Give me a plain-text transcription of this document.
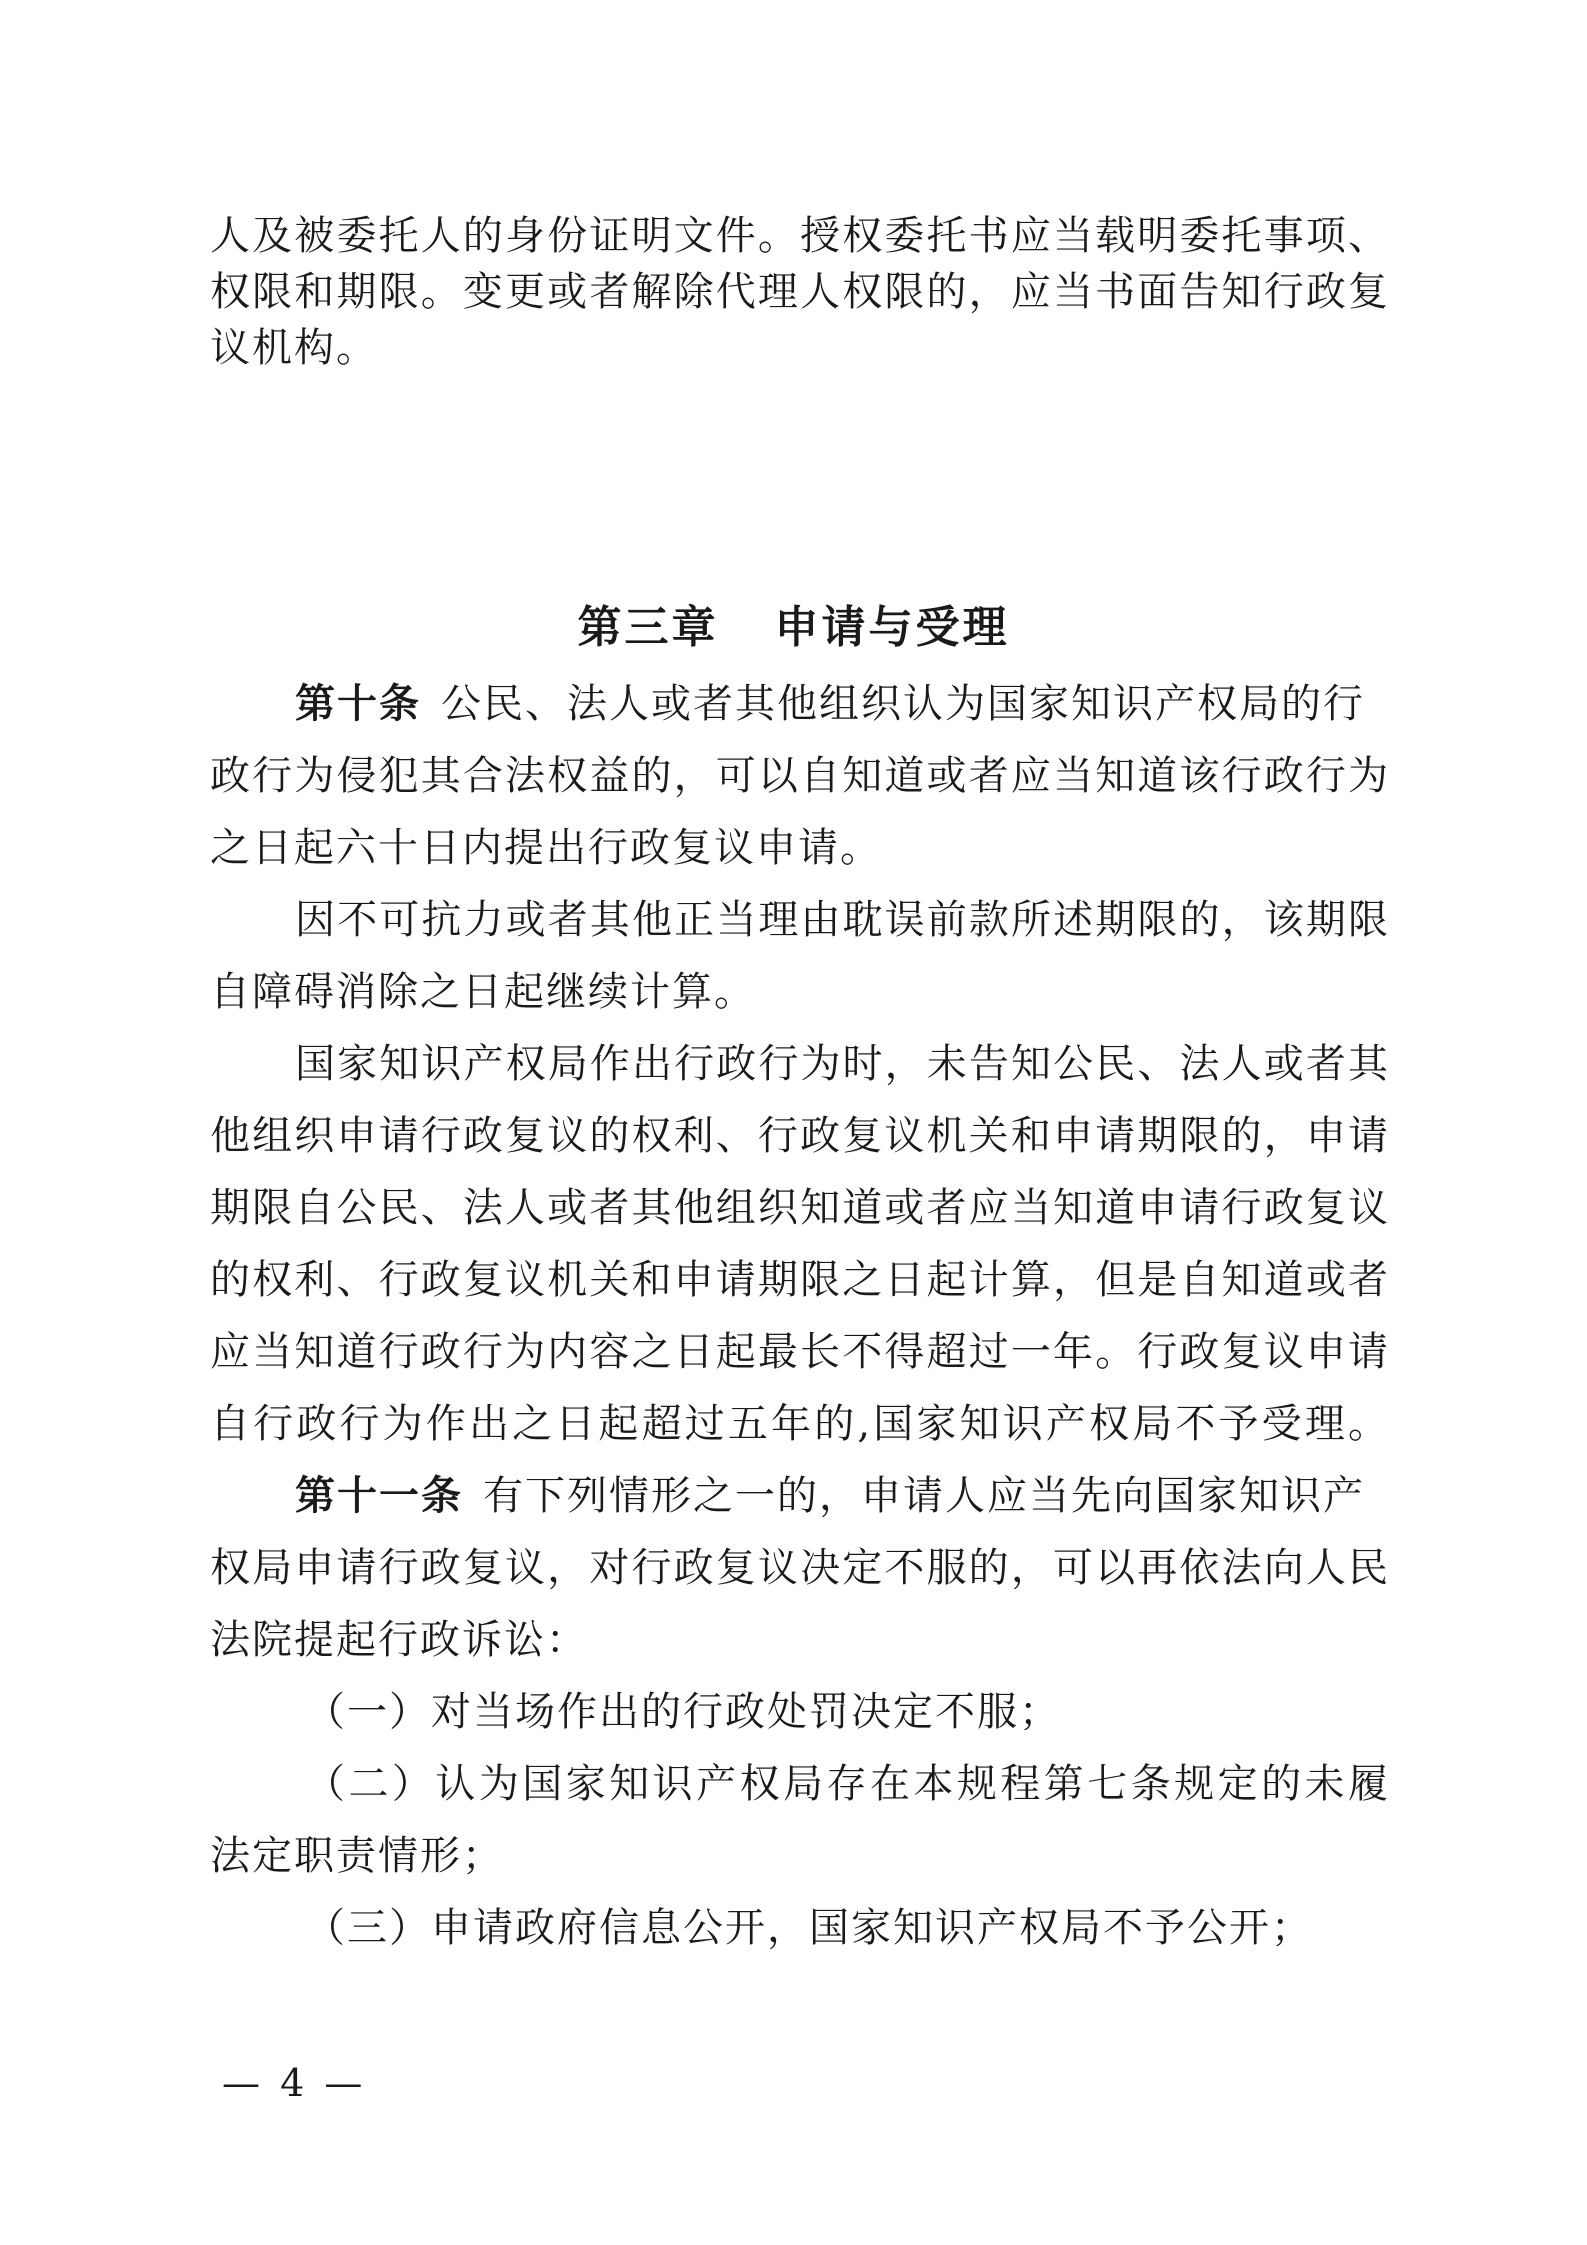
人及被委托人的身份证明文件。授权委托书应当载明委托事项、
权限和期限。变更或者解除代理人权限的，应当书面告知行政复
议机构。
第三章 申请与受理
第十条 公民、法人或者其他组织认为国家知识产权局的行
政行为侵犯其合法权益的，可以自知道或者应当知道该行政行为
之日起六十日内提出行政复议申请。
因不可抗力或者其他正当理由耽误前款所述期限的，该期限
自障碍消除之日起继续计算。
国家知识产权局作出行政行为时，未告知公民、法人或者其
他组织申请行政复议的权利、行政复议机关和申请期限的，申请
期限自公民、法人或者其他组织知道或者应当知道申请行政复议
的权利、行政复议机关和申请期限之日起计算，但是自知道或者
应当知道行政行为内容之日起最长不得超过一年。行政复议申请
自行政行为作出之日起超过五年的,国家知识产权局不予受理。
第十一条 有下列情形之一的，申请人应当先向国家知识产
权局申请行政复议，对行政复议决定不服的，可以再依法向人民
法院提起行政诉讼：
（一）对当场作出的行政处罚决定不服；
（二）认为国家知识产权局存在本规程第七条规定的未履
法定职责情形；
（三）申请政府信息公开，国家知识产权局不予公开；
— 4 —
